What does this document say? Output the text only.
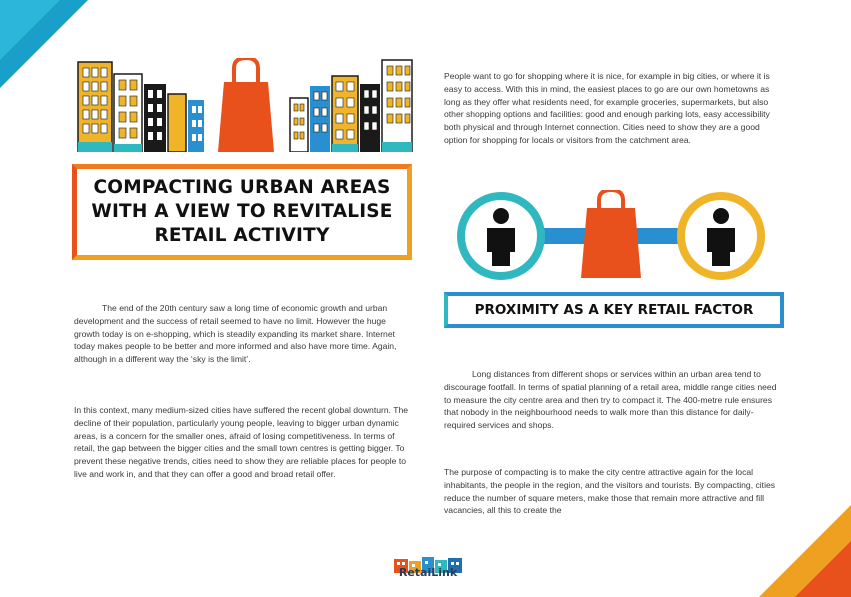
COMPACTING URBAN AREAS WITH A VIEW TO REVITALISE RETAIL ACTIVITY

The end of the 20th century saw a long time of economic growth and urban development and the success of retail seemed to have no limit. However the huge growth today is on e-shopping, which is steadily expanding its market share. Internet today makes people to be better and more informed and also have more time. Again, although in a different way the ‘sky is the limit’.

In this context, many medium-sized cities have suffered the recent global downturn. The decline of their population, particularly young people, leaving to bigger urban dynamic areas, is a concern for the smaller ones, afraid of losing competitiveness. In terms of retail, the gap between the bigger cities and the small town centres is getting bigger. To prevent these negative trends, cities need to show they are reliable places for people to live and work in, and that they can offer a good and broad retail offer.

People want to go for shopping where it is nice, for example in big cities, or where it is easy to access. With this in mind, the easiest places to go are our own hometowns as long as they offer what residents need, for example groceries, supermarkets, but also other shopping options and facilities: good and enough parking lots, easy accessibility both physical and through Internet connection. Cities need to show they are a good option for shopping for locals or visitors from the catchment area.

PROXIMITY AS A KEY RETAIL FACTOR

Long distances from different shops or services within an urban area tend to discourage footfall. In terms of spatial planning of a retail area, middle range cities need to measure the city centre area and then try to compact it. The 400-metre rule ensures that nobody in the neighbourhood needs to walk more than this distance for daily-required services and shops.

The purpose of compacting is to make the city centre attractive again for the local inhabitants, the people in the region, and the visitors and tourists. By compacting, cities reduce the number of square meters, make those that remain more attractive and fill vacancies, all this to create the

RetaiLink
